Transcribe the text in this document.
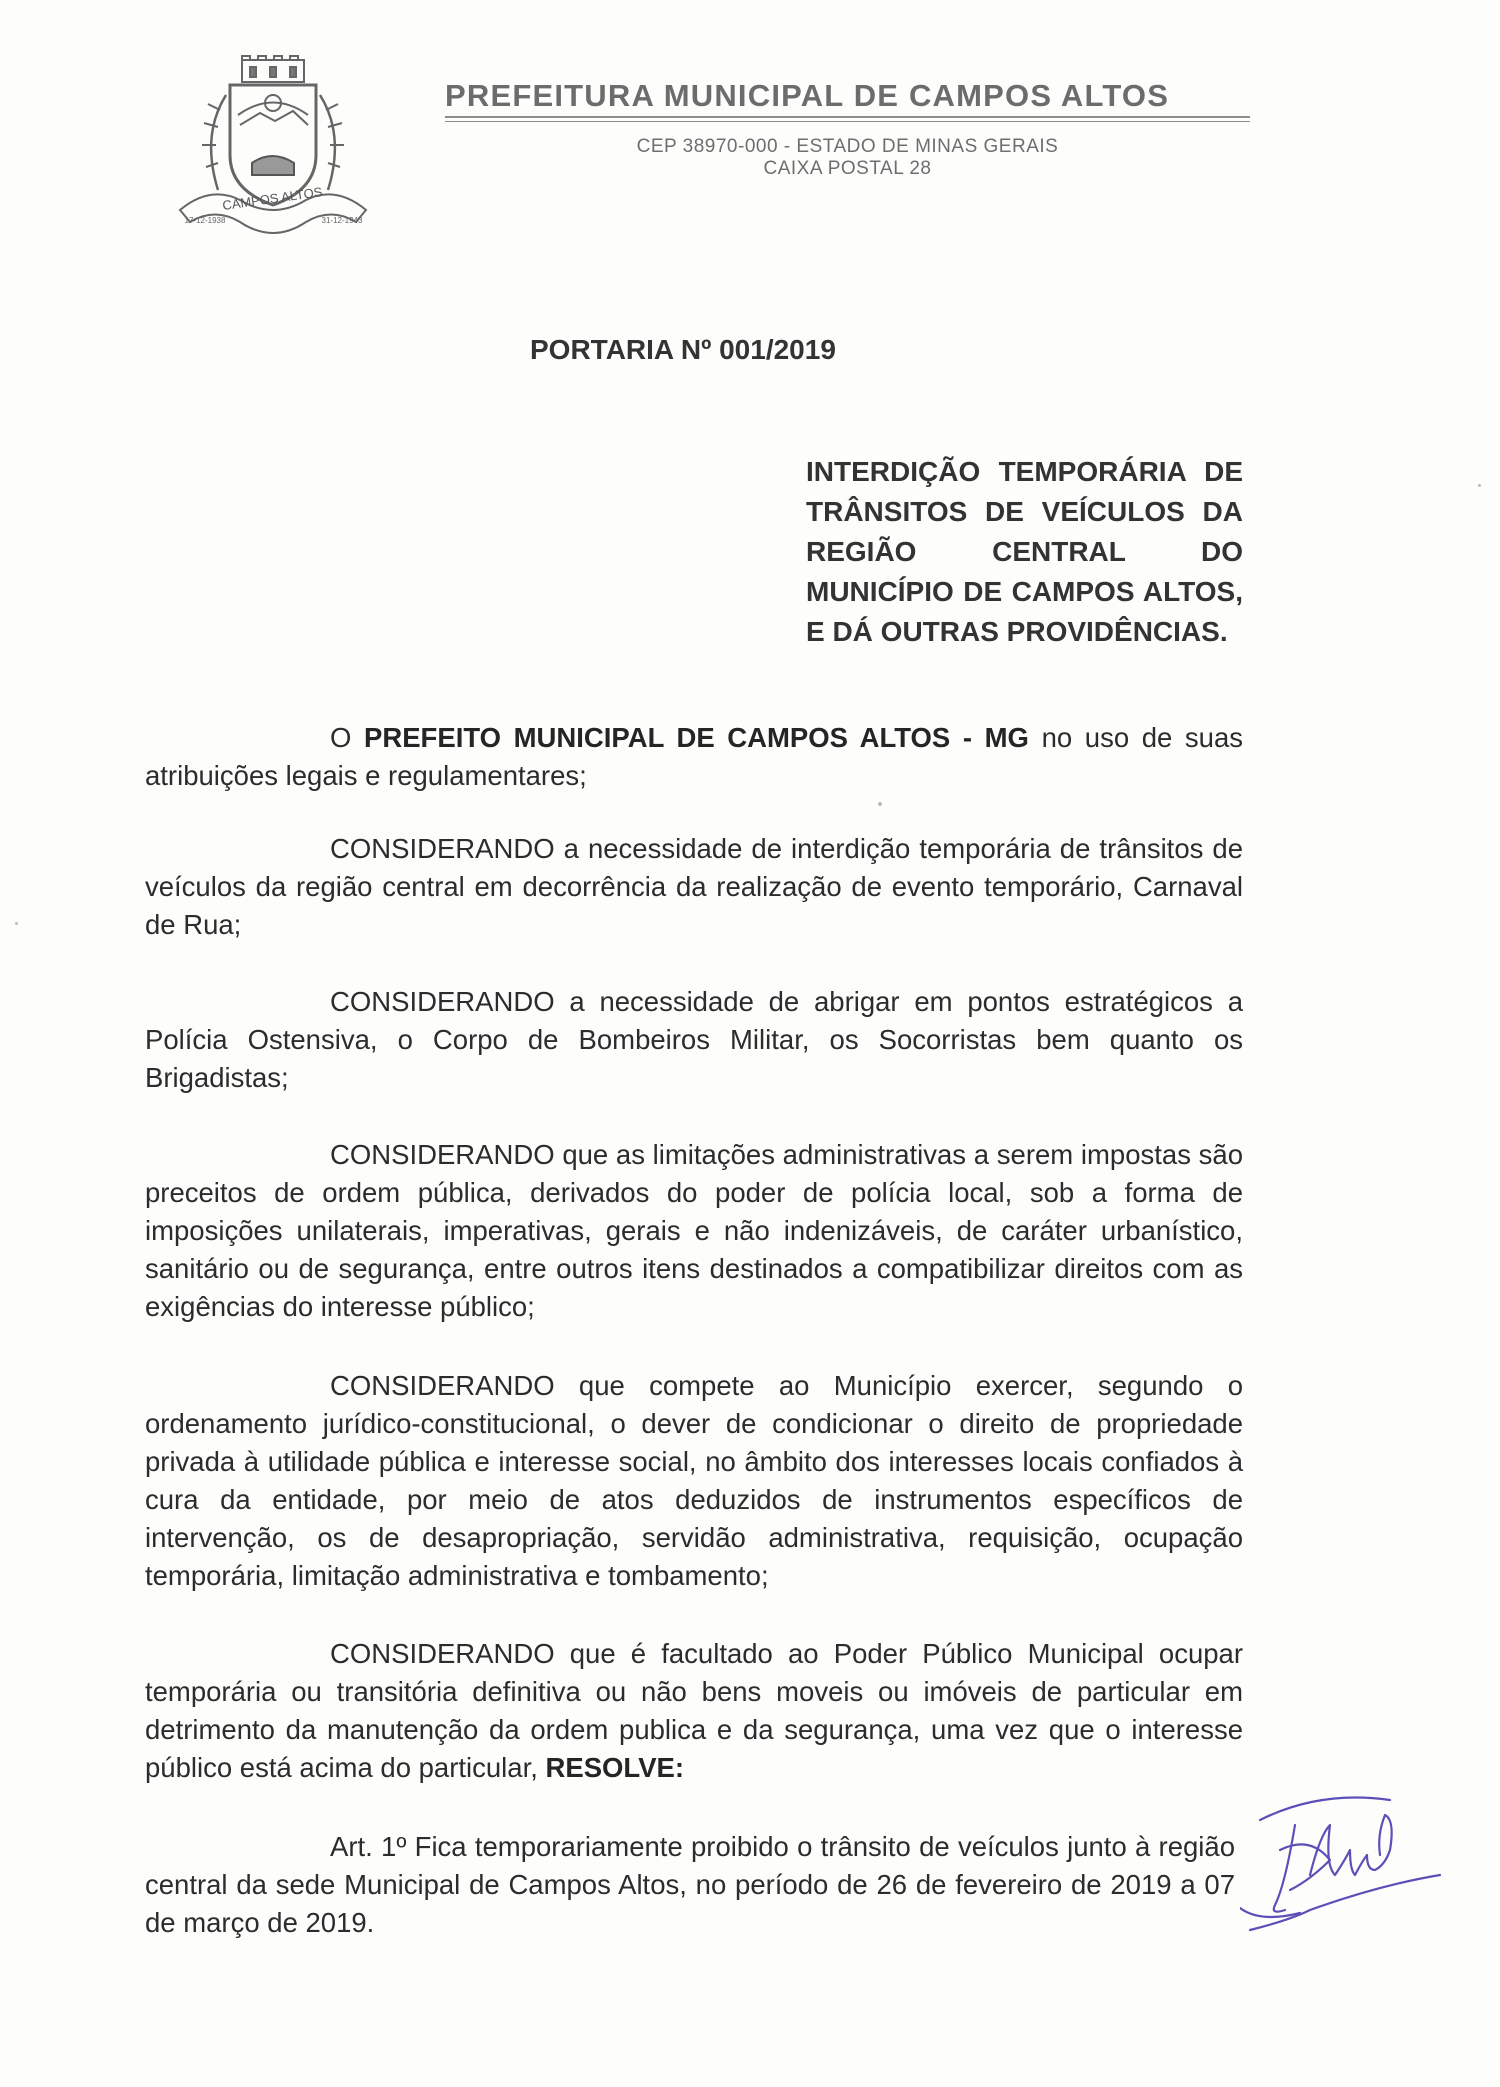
CAMPOS ALTOS
17-12-1938	31-12-1943
PREFEITURA MUNICIPAL DE CAMPOS ALTOS
CEP 38970-000 - ESTADO DE MINAS GERAIS
CAIXA POSTAL 28
PORTARIA Nº 001/2019
INTERDIÇÃO TEMPORÁRIA DE
TRÂNSITOS DE VEÍCULOS DA
REGIÃO CENTRAL DO
MUNICÍPIO DE CAMPOS ALTOS,
E DÁ OUTRAS PROVIDÊNCIAS.
O PREFEITO MUNICIPAL DE CAMPOS ALTOS - MG no uso de suas
atribuições legais e regulamentares;
CONSIDERANDO a necessidade de interdição temporária de trânsitos de
veículos da região central em decorrência da realização de evento temporário, Carnaval
de Rua;
CONSIDERANDO a necessidade de abrigar em pontos estratégicos a
Polícia Ostensiva, o Corpo de Bombeiros Militar, os Socorristas bem quanto os
Brigadistas;
CONSIDERANDO que as limitações administrativas a serem impostas são
preceitos de ordem pública, derivados do poder de polícia local, sob a forma de
imposições unilaterais, imperativas, gerais e não indenizáveis, de caráter urbanístico,
sanitário ou de segurança, entre outros itens destinados a compatibilizar direitos com as
exigências do interesse público;
CONSIDERANDO que compete ao Município exercer, segundo o
ordenamento jurídico-constitucional, o dever de condicionar o direito de propriedade
privada à utilidade pública e interesse social, no âmbito dos interesses locais confiados à
cura da entidade, por meio de atos deduzidos de instrumentos específicos de
intervenção, os de desapropriação, servidão administrativa, requisição, ocupação
temporária, limitação administrativa e tombamento;
CONSIDERANDO que é facultado ao Poder Público Municipal ocupar
temporária ou transitória definitiva ou não bens moveis ou imóveis de particular em
detrimento da manutenção da ordem publica e da segurança, uma vez que o interesse
público está acima do particular, RESOLVE:
Art. 1º Fica temporariamente proibido o trânsito de veículos junto à região
central da sede Municipal de Campos Altos, no período de 26 de fevereiro de 2019 a 07
de março de 2019.
